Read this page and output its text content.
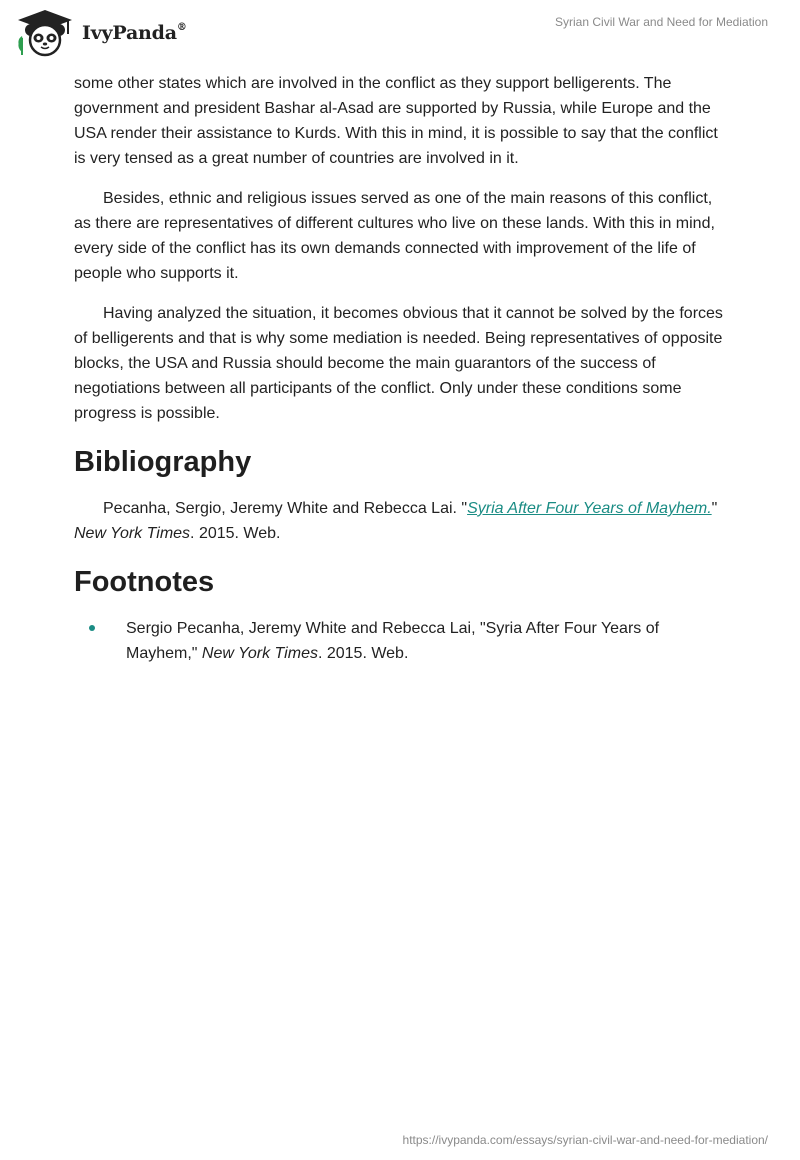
IvyPanda®	Syrian Civil War and Need for Mediation

some other states which are involved in the conflict as they support belligerents. The government and president Bashar al-Asad are supported by Russia, while Europe and the USA render their assistance to Kurds. With this in mind, it is possible to say that the conflict is very tensed as a great number of countries are involved in it.

Besides, ethnic and religious issues served as one of the main reasons of this conflict, as there are representatives of different cultures who live on these lands. With this in mind, every side of the conflict has its own demands connected with improvement of the life of people who supports it.

Having analyzed the situation, it becomes obvious that it cannot be solved by the forces of belligerents and that is why some mediation is needed. Being representatives of opposite blocks, the USA and Russia should become the main guarantors of the success of negotiations between all participants of the conflict. Only under these conditions some progress is possible.

Bibliography

Pecanha, Sergio, Jeremy White and Rebecca Lai. "Syria After Four Years of Mayhem." New York Times. 2015. Web.

Footnotes
Sergio Pecanha, Jeremy White and Rebecca Lai, "Syria After Four Years of Mayhem," New York Times. 2015. Web.
https://ivypanda.com/essays/syrian-civil-war-and-need-for-mediation/
